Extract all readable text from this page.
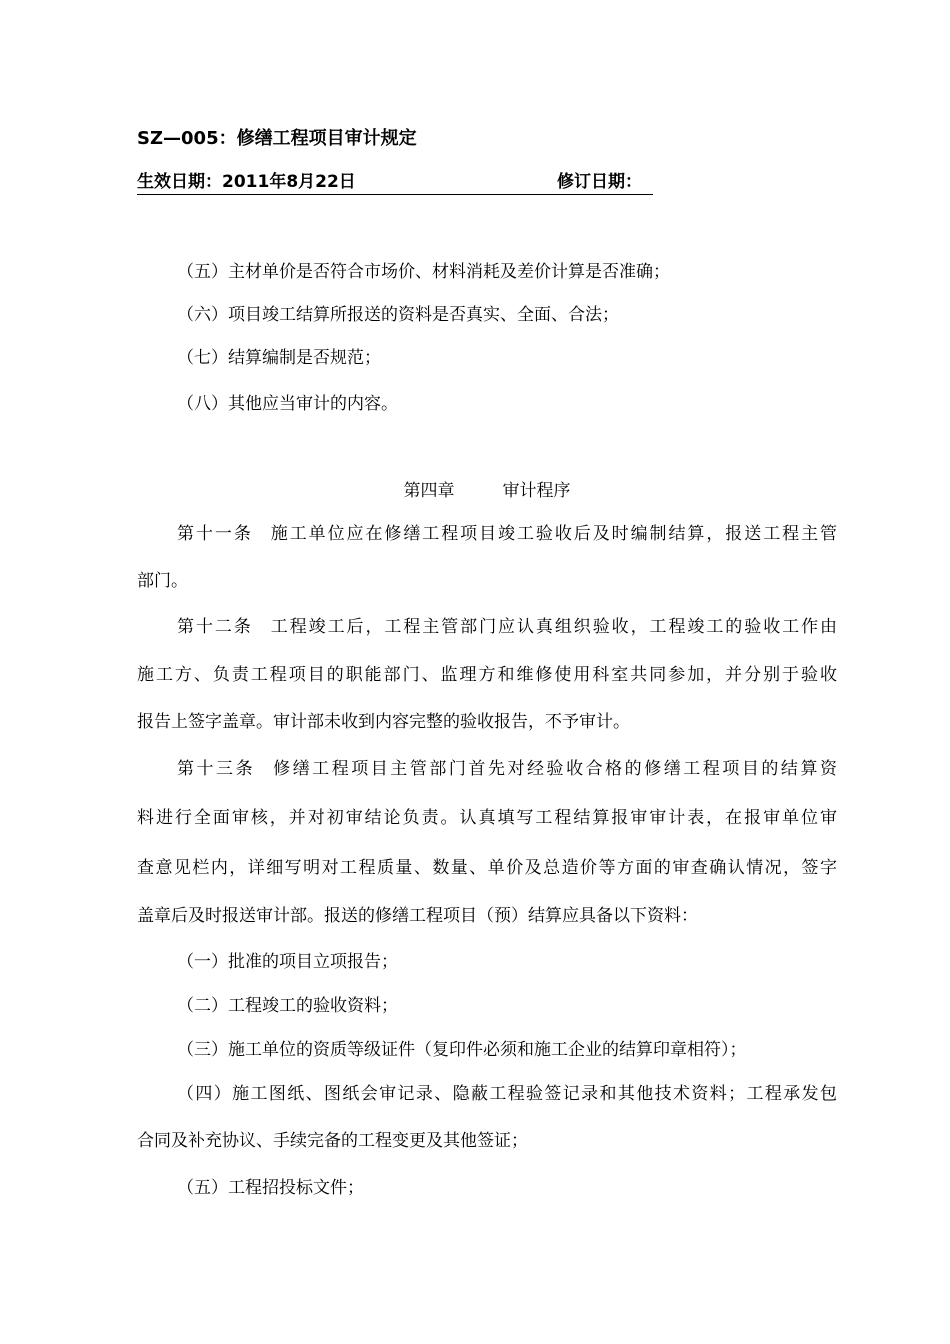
SZ—005：修缮工程项目审计规定
生效日期：2011年8月22日	修订日期：
（五）主材单价是否符合市场价、材料消耗及差价计算是否准确；
（六）项目竣工结算所报送的资料是否真实、全面、合法；
（七）结算编制是否规范；
（八）其他应当审计的内容。
第四章	审计程序
第十一条 施工单位应在修缮工程项目竣工验收后及时编制结算，报送工程主管
部门。
第十二条 工程竣工后，工程主管部门应认真组织验收，工程竣工的验收工作由
施工方、负责工程项目的职能部门、监理方和维修使用科室共同参加，并分别于验收
报告上签字盖章。审计部未收到内容完整的验收报告，不予审计。
第十三条 修缮工程项目主管部门首先对经验收合格的修缮工程项目的结算资
料进行全面审核，并对初审结论负责。认真填写工程结算报审审计表，在报审单位审
查意见栏内，详细写明对工程质量、数量、单价及总造价等方面的审查确认情况，签字
盖章后及时报送审计部。报送的修缮工程项目（预）结算应具备以下资料：
（一）批准的项目立项报告；
（二）工程竣工的验收资料；
（三）施工单位的资质等级证件（复印件必须和施工企业的结算印章相符）；
（四）施工图纸、图纸会审记录、隐蔽工程验签记录和其他技术资料；工程承发包
合同及补充协议、手续完备的工程变更及其他签证；
（五）工程招投标文件；
